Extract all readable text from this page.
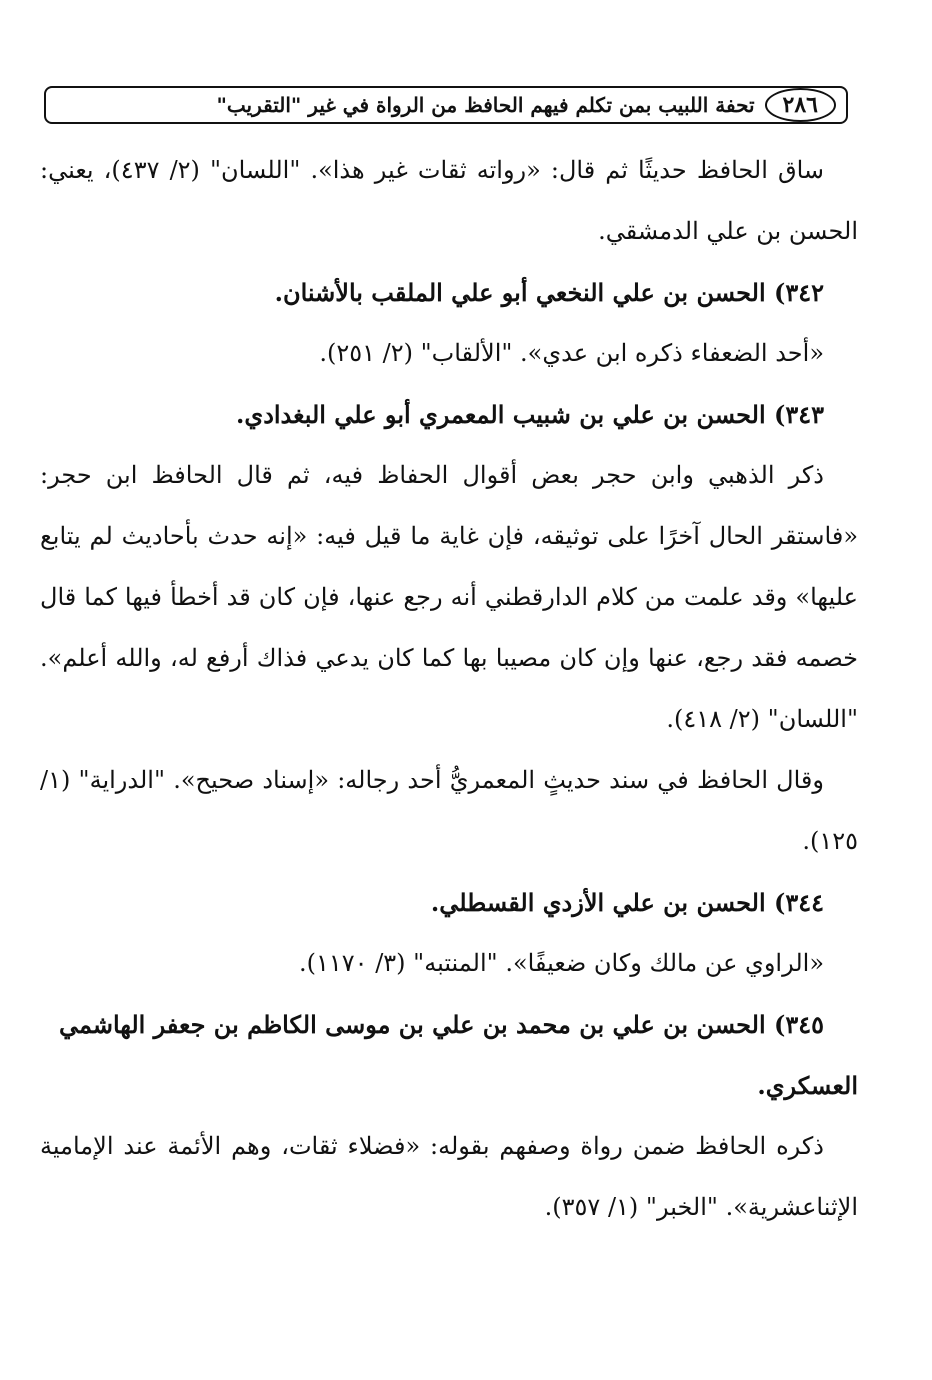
٢٨٦
تحفة اللبيب بمن تكلم فيهم الحافظ من الرواة في غير "التقريب"

ساق الحافظ حديثًا ثم قال: «رواته ثقات غير هذا». "اللسان" (٢/ ٤٣٧)، يعني: الحسن بن علي الدمشقي.

٣٤٢) الحسن بن علي النخعي أبو علي الملقب بالأشنان.

«أحد الضعفاء ذكره ابن عدي». "الألقاب" (٢/ ٢٥١).

٣٤٣) الحسن بن علي بن شبيب المعمري أبو علي البغدادي.

ذكر الذهبي وابن حجر بعض أقوال الحفاظ فيه، ثم قال الحافظ ابن حجر: «فاستقر الحال آخرًا على توثيقه، فإن غاية ما قيل فيه: «إنه حدث بأحاديث لم يتابع عليها» وقد علمت من كلام الدارقطني أنه رجع عنها، فإن كان قد أخطأ فيها كما قال خصمه فقد رجع، عنها وإن كان مصيبا بها كما كان يدعي فذاك أرفع له، والله أعلم». "اللسان" (٢/ ٤١٨).

وقال الحافظ في سند حديثٍ المعمريُّ أحد رجاله: «إسناد صحيح». "الدراية" (١/ ١٢٥).

٣٤٤) الحسن بن علي الأزدي القسطلي.

«الراوي عن مالك وكان ضعيفًا». "المنتبه" (٣/ ١١٧٠).

٣٤٥) الحسن بن علي بن محمد بن علي بن موسى الكاظم بن جعفر الهاشمي العسكري.

ذكره الحافظ ضمن رواة وصفهم بقوله: «فضلاء ثقات، وهم الأئمة عند الإمامية الإثناعشرية». "الخبر" (١/ ٣٥٧).
